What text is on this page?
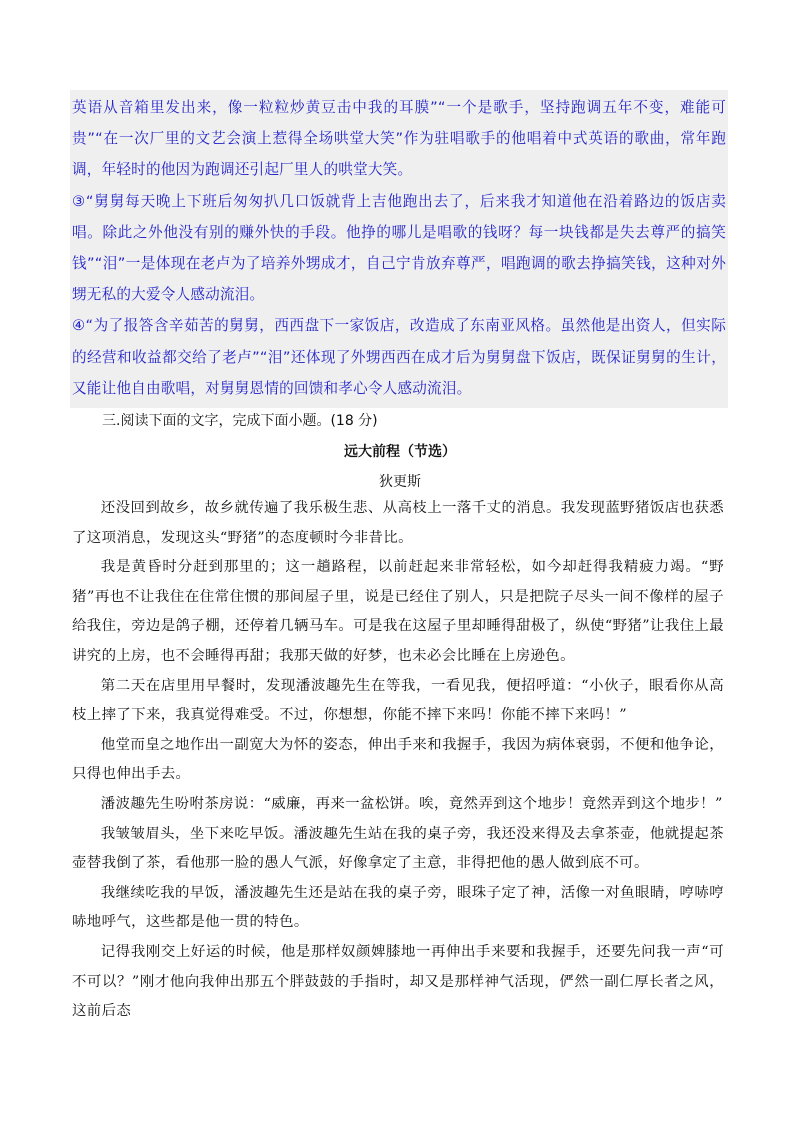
英语从音箱里发出来，像一粒粒炒黄豆击中我的耳膜”“一个是歌手，坚持跑调五年不变，难能可贵”“在一次厂里的文艺会演上惹得全场哄堂大笑”作为驻唱歌手的他唱着中式英语的歌曲，常年跑调，年轻时的他因为跑调还引起厂里人的哄堂大笑。

③“舅舅每天晚上下班后匆匆扒几口饭就背上吉他跑出去了，后来我才知道他在沿着路边的饭店卖唱。除此之外他没有别的赚外快的手段。他挣的哪儿是唱歌的钱呀？每一块钱都是失去尊严的搞笑钱”“泪”一是体现在老卢为了培养外甥成才，自己宁肯放弃尊严，唱跑调的歌去挣搞笑钱，这种对外甥无私的大爱令人感动流泪。

④“为了报答含辛茹苦的舅舅，西西盘下一家饭店，改造成了东南亚风格。虽然他是出资人，但实际的经营和收益都交给了老卢”“泪”还体现了外甥西西在成才后为舅舅盘下饭店，既保证舅舅的生计，又能让他自由歌唱，对舅舅恩情的回馈和孝心令人感动流泪。

三.阅读下面的文字，完成下面小题。(18 分)

远大前程（节选）

狄更斯

还没回到故乡，故乡就传遍了我乐极生悲、从高枝上一落千丈的消息。我发现蓝野猪饭店也获悉了这项消息，发现这头“野猪”的态度顿时今非昔比。

我是黄昏时分赶到那里的；这一趟路程，以前赶起来非常轻松，如今却赶得我精疲力竭。“野猪”再也不让我住在住常住惯的那间屋子里，说是已经住了别人，只是把院子尽头一间不像样的屋子给我住，旁边是鸽子棚，还停着几辆马车。可是我在这屋子里却睡得甜极了，纵使“野猪”让我住上最讲究的上房，也不会睡得再甜；我那天做的好梦，也未必会比睡在上房逊色。

第二天在店里用早餐时，发现潘波趣先生在等我，一看见我，便招呼道：“小伙子，眼看你从高枝上摔了下来，我真觉得难受。不过，你想想，你能不摔下来吗！你能不摔下来吗！”

他堂而皇之地作出一副宽大为怀的姿态，伸出手来和我握手，我因为病体衰弱，不便和他争论，只得也伸出手去。

潘波趣先生吩咐茶房说：“威廉，再来一盆松饼。唉，竟然弄到这个地步！竟然弄到这个地步！”

我皱皱眉头，坐下来吃早饭。潘波趣先生站在我的桌子旁，我还没来得及去拿茶壶，他就提起茶壶替我倒了茶，看他那一脸的愚人气派，好像拿定了主意，非得把他的愚人做到底不可。

我继续吃我的早饭，潘波趣先生还是站在我的桌子旁，眼珠子定了神，活像一对鱼眼睛，哼哧哼哧地呼气，这些都是他一贯的特色。

记得我刚交上好运的时候，他是那样奴颜婢膝地一再伸出手来要和我握手，还要先问我一声“可不可以？”刚才他向我伸出那五个胖鼓鼓的手指时，却又是那样神气活现，俨然一副仁厚长者之风，这前后态
